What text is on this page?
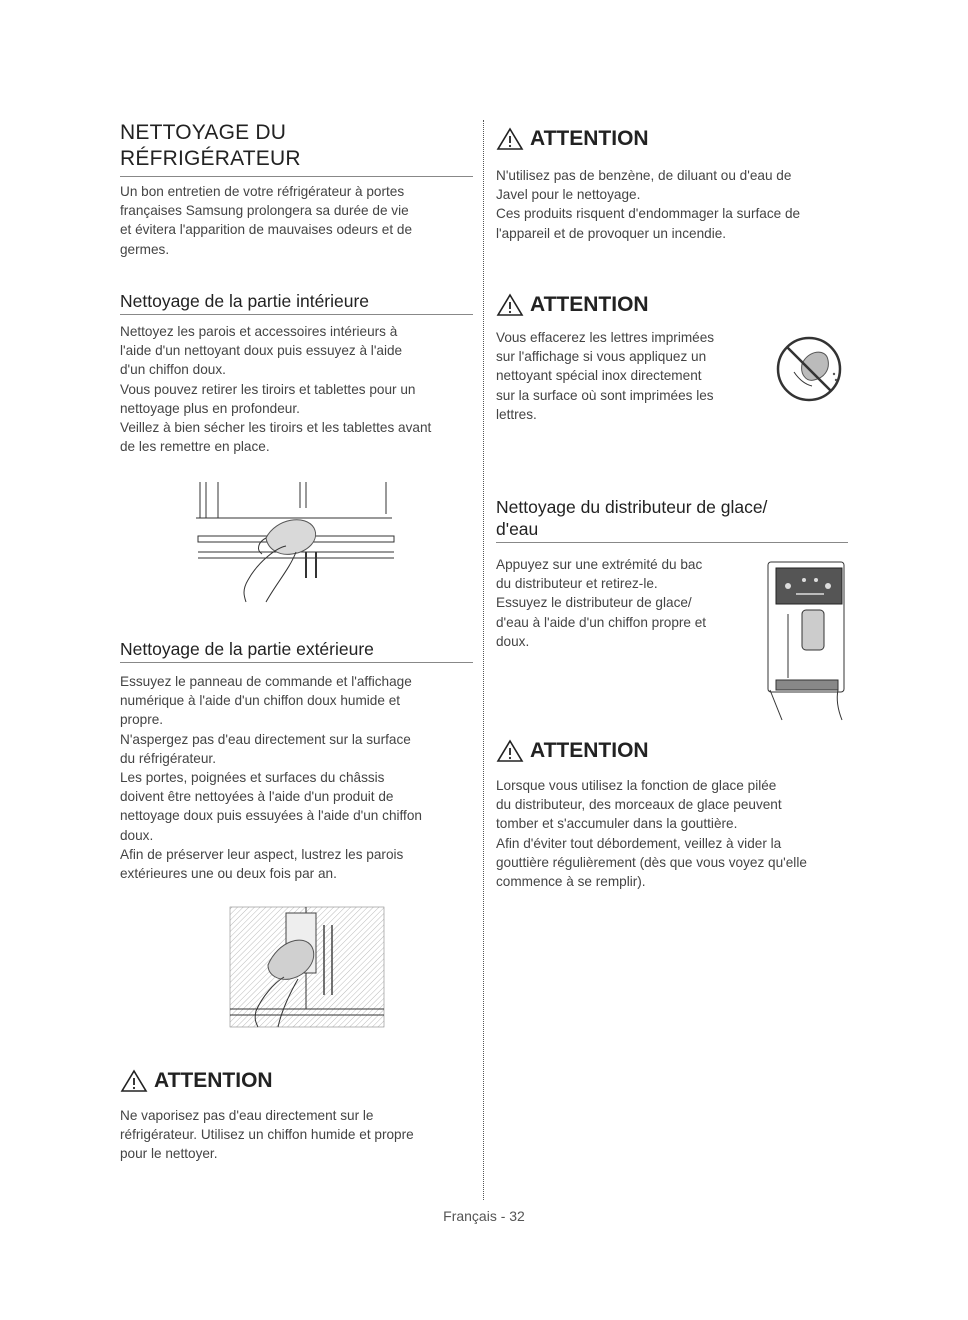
NETTOYAGE DU
RÉFRIGÉRATEUR

Un bon entretien de votre réfrigérateur à portes
françaises Samsung prolongera sa durée de vie
et évitera l'apparition de mauvaises odeurs et de
germes.

Nettoyage de la partie intérieure

Nettoyez les parois et accessoires intérieurs à
l'aide d'un nettoyant doux puis essuyez à l'aide
d'un chiffon doux.
Vous pouvez retirer les tiroirs et tablettes pour un
nettoyage plus en profondeur.
Veillez à bien sécher les tiroirs et les tablettes avant
de les remettre en place.

Nettoyage de la partie extérieure

Essuyez le panneau de commande et l'affichage
numérique à l'aide d'un chiffon doux humide et
propre.
N'aspergez pas d'eau directement sur la surface
du réfrigérateur.
Les portes, poignées et surfaces du châssis
doivent être nettoyées à l'aide d'un produit de
nettoyage doux puis essuyées à l'aide d'un chiffon
doux.
Afin de préserver leur aspect, lustrez les parois
extérieures une ou deux fois par an.

ATTENTION

Ne vaporisez pas d'eau directement sur le
réfrigérateur. Utilisez un chiffon humide et propre
pour le nettoyer.

ATTENTION

N'utilisez pas de benzène, de diluant ou d'eau de
Javel pour le nettoyage.
Ces produits risquent d'endommager la surface de
l'appareil et de provoquer un incendie.

ATTENTION

Vous effacerez les lettres imprimées
sur l'affichage si vous appliquez un
nettoyant spécial inox directement
sur la surface où sont imprimées les
lettres.

Nettoyage du distributeur de glace/
d'eau

Appuyez sur une extrémité du bac
du distributeur et retirez-le.
Essuyez le distributeur de glace/
d'eau à l'aide d'un chiffon propre et
doux.

ATTENTION

Lorsque vous utilisez la fonction de glace pilée
du distributeur, des morceaux de glace peuvent
tomber et s'accumuler dans la gouttière.
Afin d'éviter tout débordement, veillez à vider la
gouttière régulièrement (dès que vous voyez qu'elle
commence à se remplir).

Français - 32
